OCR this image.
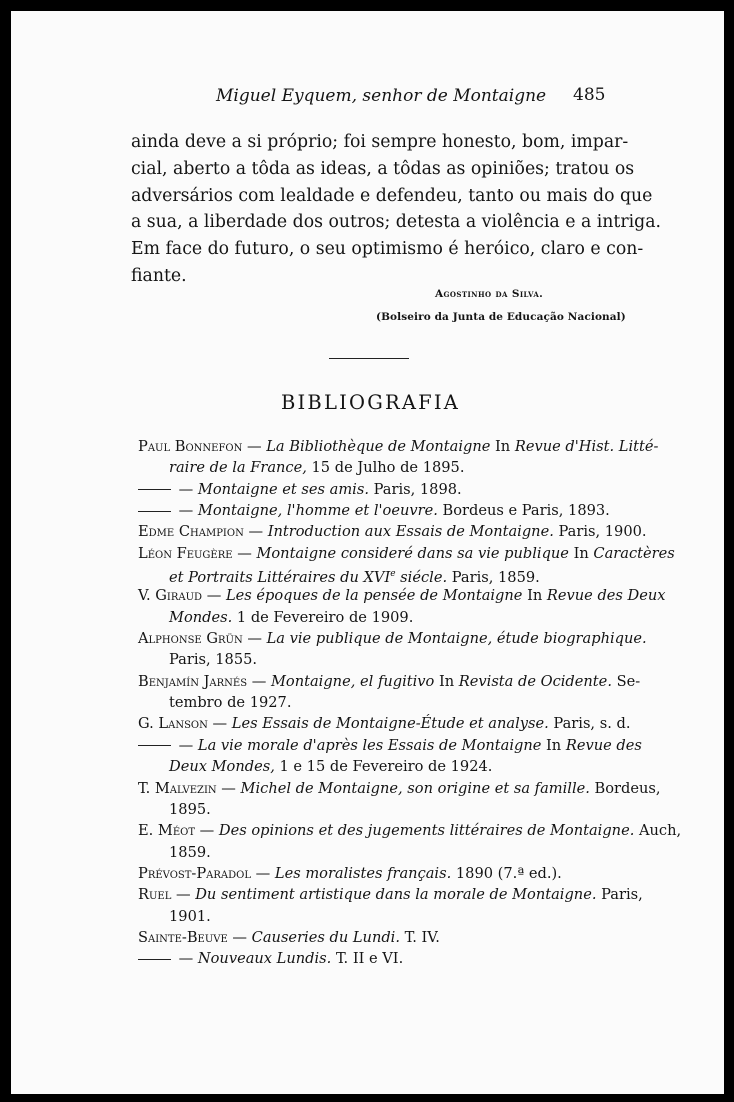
Miguel Eyquem, senhor de Montaigne 485
ainda deve a si próprio; foi sempre honesto, bom, impar-
cial, aberto a tôda as ideas, a tôdas as opiniões; tratou os
adversários com lealdade e defendeu, tanto ou mais do que
a sua, a liberdade dos outros; detesta a violência e a intriga.
Em face do futuro, o seu optimismo é heróico, claro e con-
fiante.
Agostinho da Silva.
(Bolseiro da Junta de Educação Nacional)
BIBLIOGRAFIA
Paul Bonnefon — La Bibliothèque de Montaigne In Revue d'Hist. Litté-
raire de la France, 15 de Julho de 1895.
— Montaigne et ses amis. Paris, 1898.
— Montaigne, l'homme et l'oeuvre. Bordeus e Paris, 1893.
Edme Champion — Introduction aux Essais de Montaigne. Paris, 1900.
Léon Feugère — Montaigne consideré dans sa vie publique In Caractères
et Portraits Littéraires du XVIe siécle. Paris, 1859.
V. Giraud — Les époques de la pensée de Montaigne In Revue des Deux
Mondes. 1 de Fevereiro de 1909.
Alphonse Grün — La vie publique de Montaigne, étude biographique.
Paris, 1855.
Benjamín Jarnés — Montaigne, el fugitivo In Revista de Ocidente. Se-
tembro de 1927.
G. Lanson — Les Essais de Montaigne-Étude et analyse. Paris, s. d.
— La vie morale d'après les Essais de Montaigne In Revue des
Deux Mondes, 1 e 15 de Fevereiro de 1924.
T. Malvezin — Michel de Montaigne, son origine et sa famille. Bordeus,
1895.
E. Méot — Des opinions et des jugements littéraires de Montaigne. Auch,
1859.
Prévost-Paradol — Les moralistes français. 1890 (7.ª ed.).
Ruel — Du sentiment artistique dans la morale de Montaigne. Paris,
1901.
Sainte-Beuve — Causeries du Lundi. T. IV.
— Nouveaux Lundis. T. II e VI.
